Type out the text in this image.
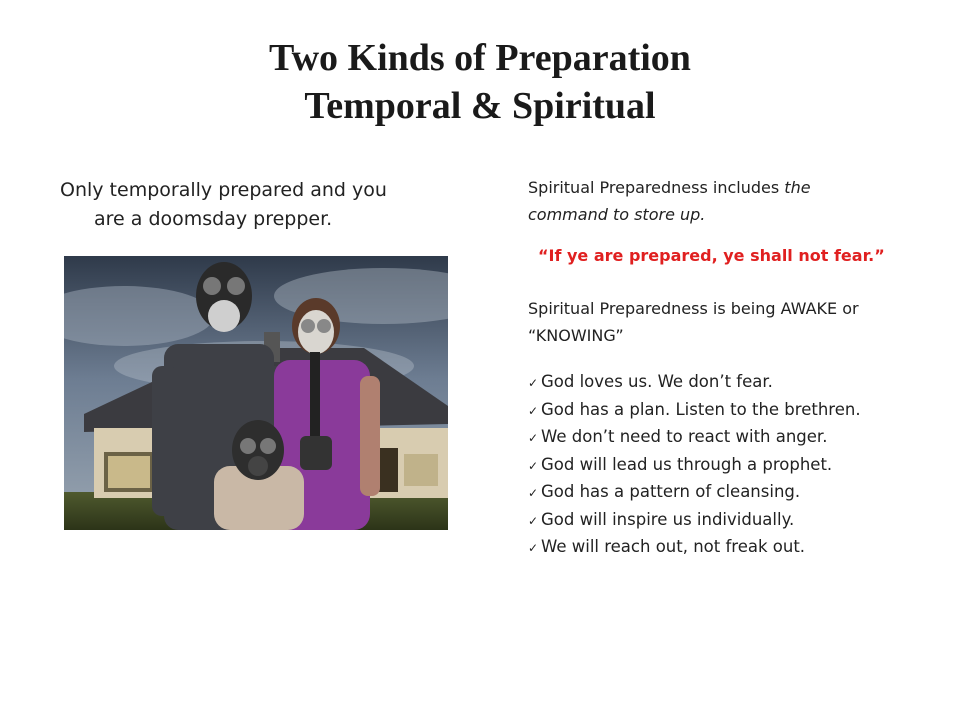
Two Kinds of Preparation
Temporal & Spiritual
Only temporally prepared and you
are a doomsday prepper.

Spiritual Preparedness includes the
command to store up.

“If ye are prepared, ye shall not fear.”

Spiritual Preparedness is being AWAKE or
“KNOWING”

✓ God loves us. We don’t fear.
✓ God has a plan. Listen to the brethren.
✓ We don’t need to react with anger.
✓ God will lead us through a prophet.
✓ God has a pattern of cleansing.
✓ God will inspire us individually.
✓ We will reach out, not freak out.
